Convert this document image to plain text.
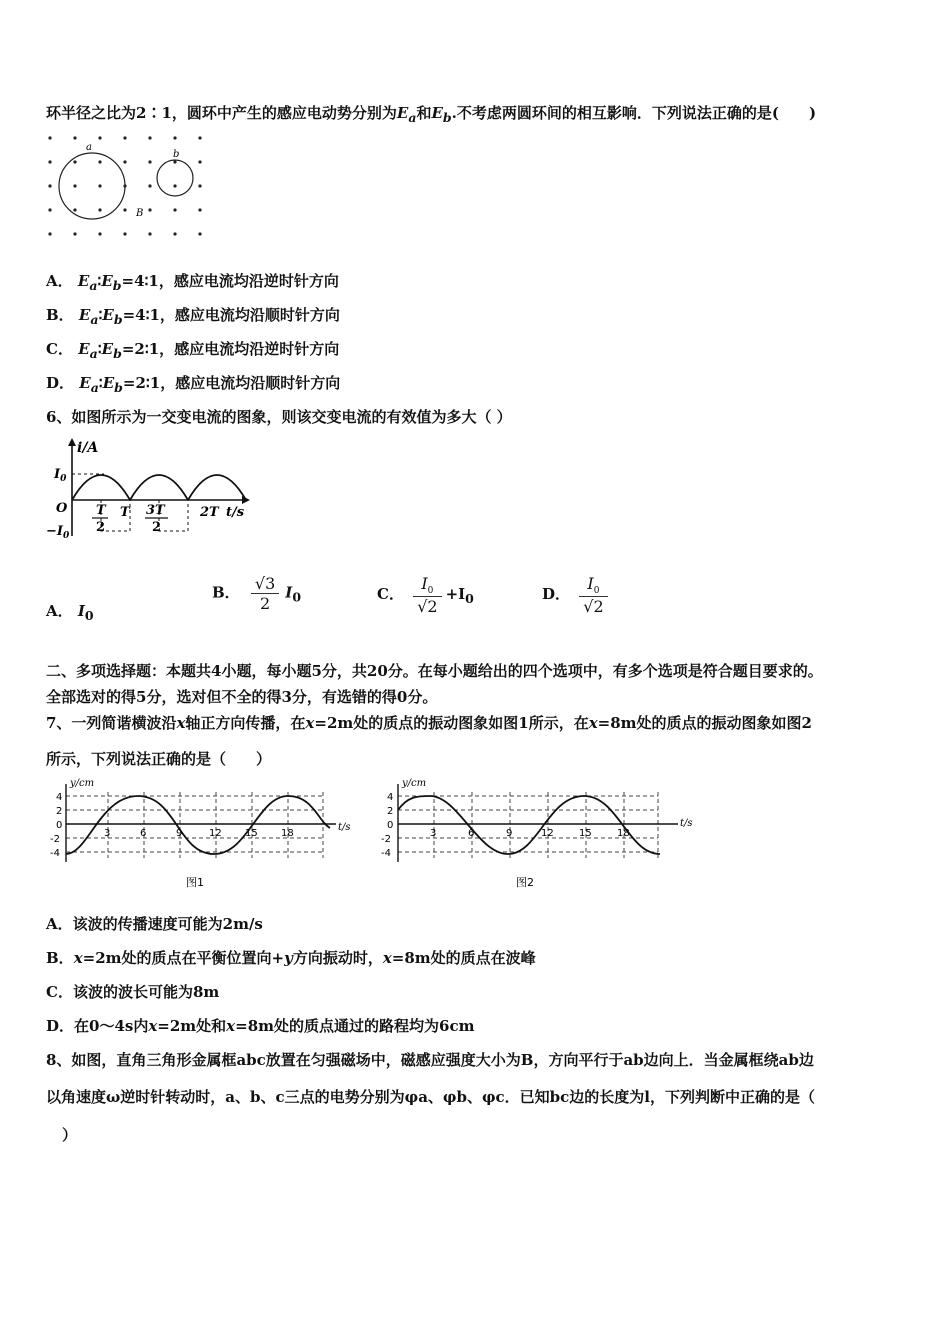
环半径之比为2∶1，圆环中产生的感应电动势分别为$E_a$和$E_b$.不考虑两圆环间的相互影响．下列说法正确的是(　　)
a
b
B
A． $E_a∶E_b=4∶1$，感应电流均沿逆时针方向
B． $E_a∶E_b=4∶1$，感应电流均沿顺时针方向
C． $E_a∶E_b=2∶1$，感应电流均沿逆时针方向
D． $E_a∶E_b=2∶1$，感应电流均沿顺时针方向
6、如图所示为一交变电流的图象，则该交变电流的有效值为多大（ ）
i/A
$I_0$
O
$-I_0$
T
2
T 3T
2
2T t/s
A． $I_0$
B． $\frac{√3}{2} I_0$	C． $\frac{I_0}{√2} +I_0$	D． $\frac{I_0}{√2}$
二、多项选择题：本题共4小题，每小题5分，共20分。在每小题给出的四个选项中，有多个选项是符合题目要求的。
全部选对的得5分，选对但不全的得3分，有选错的得0分。
7、一列简谐横波沿x轴正方向传播，在x=2m处的质点的振动图象如图1所示，在x=8m处的质点的振动图象如图2
所示，下列说法正确的是（　　）
y/cm
t/s
4
2
0
-2
-4
3	6	9	12 15 18
图1
y/cm
t/s
4
2
0
-2
-4
3	6	9	12	15	18
图2
A．该波的传播速度可能为2m/s
B．x=2m处的质点在平衡位置向+y方向振动时，x=8m处的质点在波峰
C．该波的波长可能为8m
D．在0～4s内x=2m处和x=8m处的质点通过的路程均为6cm
8、如图，直角三角形金属框abc放置在匀强磁场中，磁感应强度大小为B，方向平行于ab边向上．当金属框绕ab边
以角速度ω逆时针转动时，a、b、c三点的电势分别为φa、φb、φc．已知bc边的长度为l，下列判断中正确的是（
）
